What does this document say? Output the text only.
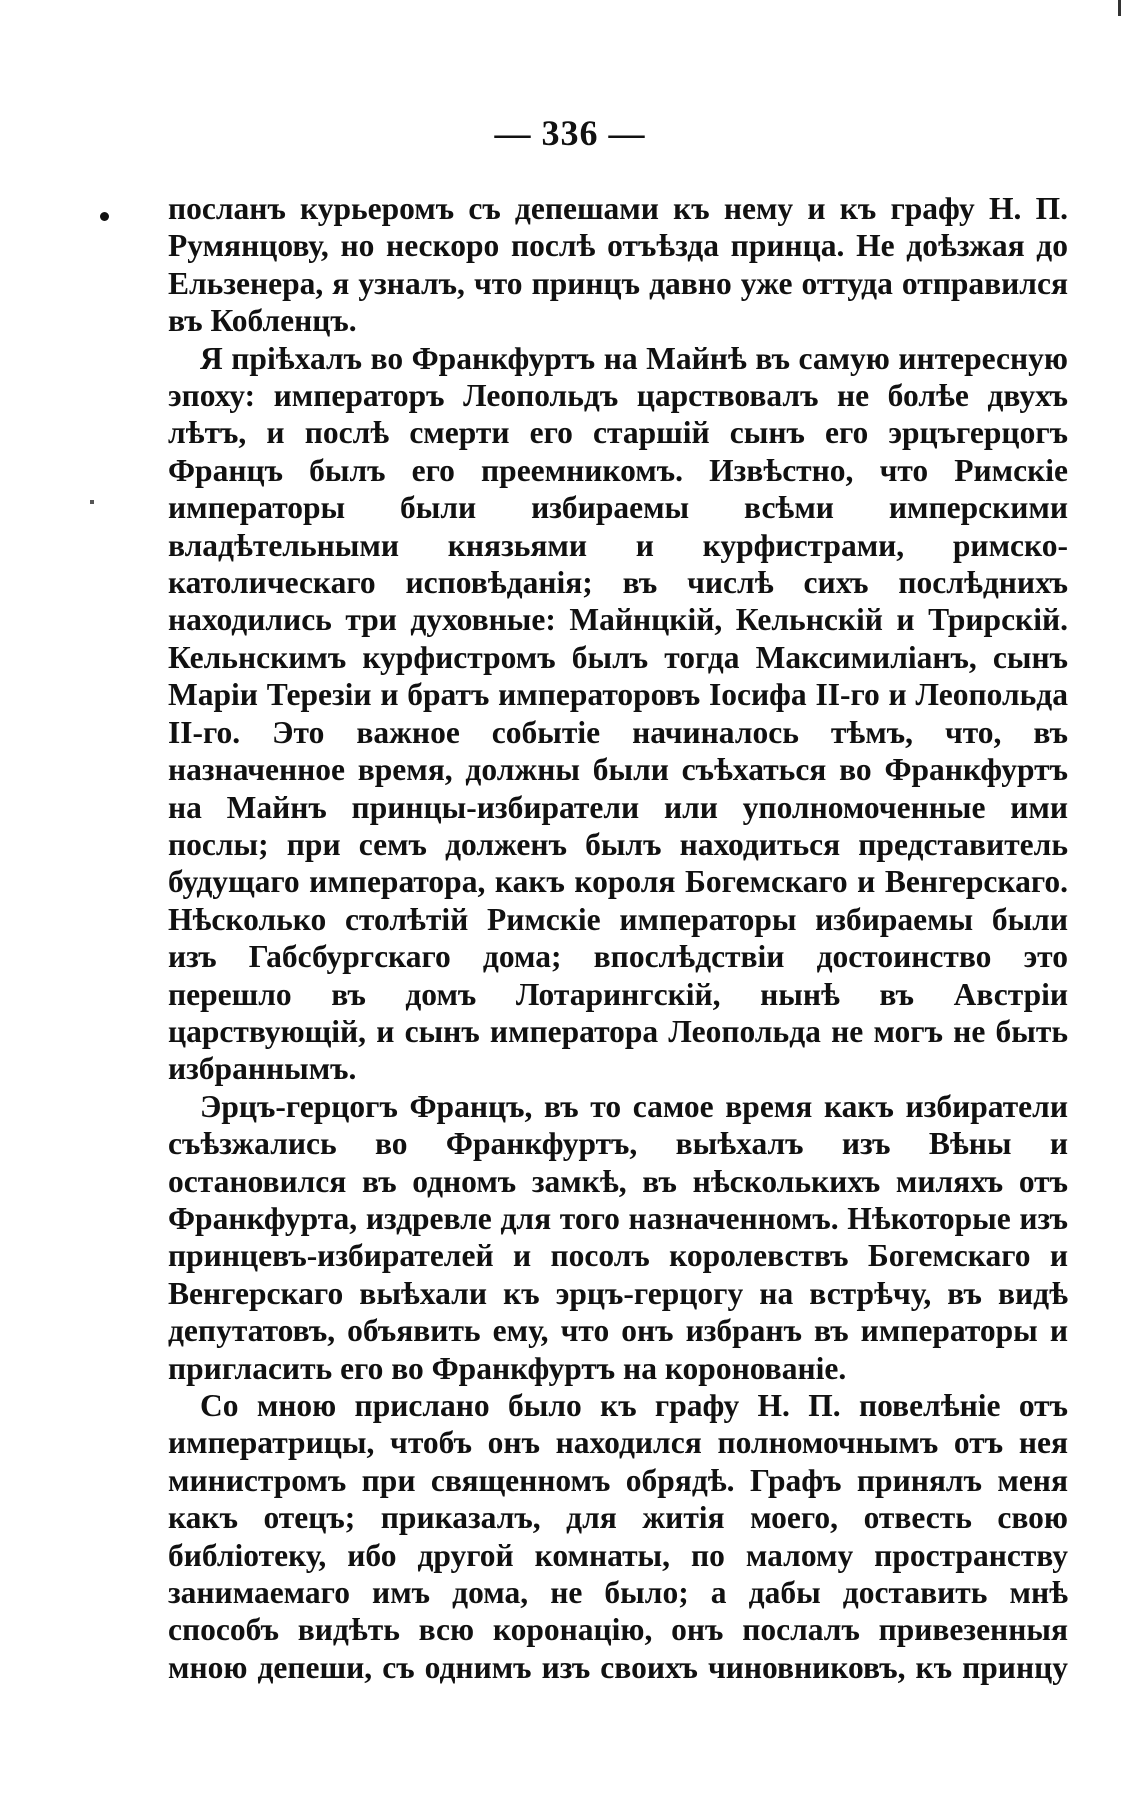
— 336 —

посланъ курьеромъ съ депешами къ нему и къ графу Н. П. Румянцову, но нескоро послѣ отъѣзда принца. Не доѣзжая до Ельзенера, я узналъ, что принцъ давно уже оттуда отправился въ Кобленцъ.

Я пріѣхалъ во Франкфуртъ на Майнѣ въ самую интересную эпоху: императоръ Леопольдъ царствовалъ не болѣе двухъ лѣтъ, и послѣ смерти его старшій сынъ его эрцъгерцогъ Францъ былъ его преемникомъ. Извѣстно, что Римскіе императоры были избираемы всѣми имперскими владѣтельными князьями и курфистрами, римско-католическаго исповѣданія; въ числѣ сихъ послѣднихъ находились три духовные: Майнцкій, Кельнскій и Трирскій. Кельнскимъ курфистромъ былъ тогда Максимиліанъ, сынъ Маріи Терезіи и братъ императоровъ Іосифа II-го и Леопольда II-го. Это важное событіе начиналось тѣмъ, что, въ назначенное время, должны были съѣхаться во Франкфуртъ на Майнъ принцы-избиратели или уполномоченные ими послы; при семъ долженъ былъ находиться представитель будущаго императора, какъ короля Богемскаго и Венгерскаго. Нѣсколько столѣтій Римскіе императоры избираемы были изъ Габсбургскаго дома; впослѣдствіи достоинство это перешло въ домъ Лотарингскій, нынѣ въ Австріи царствующій, и сынъ императора Леопольда не могъ не быть избраннымъ.

Эрцъ-герцогъ Францъ, въ то самое время какъ избиратели съѣзжались во Франкфуртъ, выѣхалъ изъ Вѣны и остановился въ одномъ замкѣ, въ нѣсколькихъ миляхъ отъ Франкфурта, издревле для того назначенномъ. Нѣкоторые изъ принцевъ-избирателей и посолъ королевствъ Богемскаго и Венгерскаго выѣхали къ эрцъ-герцогу на встрѣчу, въ видѣ депутатовъ, объявить ему, что онъ избранъ въ императоры и пригласить его во Франкфуртъ на коронованіе.

Со мною прислано было къ графу Н. П. повелѣніе отъ императрицы, чтобъ онъ находился полномочнымъ отъ нея министромъ при священномъ обрядѣ. Графъ принялъ меня какъ отецъ; приказалъ, для житія моего, отвесть свою библіотеку, ибо другой комнаты, по малому пространству занимаемаго имъ дома, не было; а дабы доставить мнѣ способъ видѣть всю коронацію, онъ послалъ привезенныя мною депеши, съ однимъ изъ своихъ чиновниковъ, къ принцу
